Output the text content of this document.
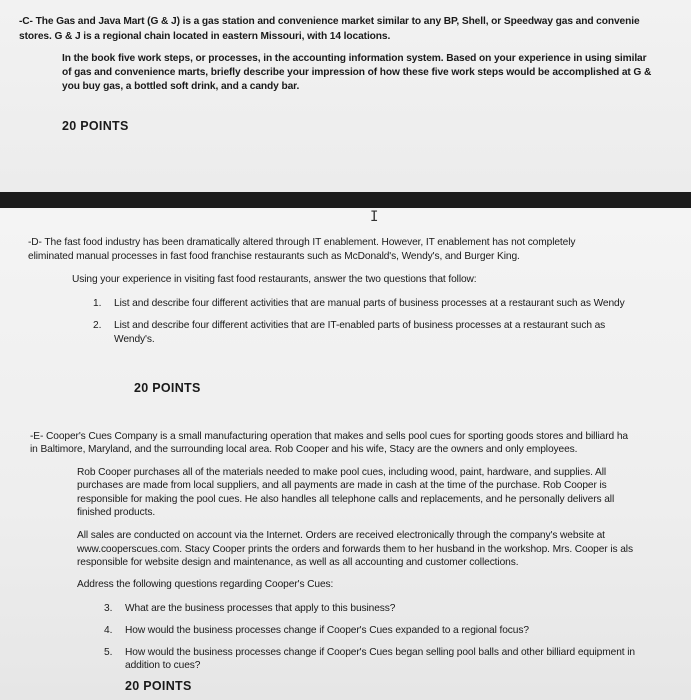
I
-C- The Gas and Java Mart (G & J) is a gas station and convenience market similar to any BP, Shell, or Speedway gas and convenie
stores. G & J is a regional chain located in eastern Missouri, with 14 locations.
In the book five work steps, or processes, in the accounting information system. Based on your experience in using similar
of gas and convenience marts, briefly describe your impression of how these five work steps would be accomplished at G &
you buy gas, a bottled soft drink, and a candy bar.
20 POINTS
-D- The fast food industry has been dramatically altered through IT enablement. However, IT enablement has not completely
eliminated manual processes in fast food franchise restaurants such as McDonald's, Wendy's, and Burger King.
Using your experience in visiting fast food restaurants, answer the two questions that follow:
1. List and describe four different activities that are manual parts of business processes at a restaurant such as Wendy
2. List and describe four different activities that are IT-enabled parts of business processes at a restaurant such as
Wendy's.
20 POINTS
-E- Cooper's Cues Company is a small manufacturing operation that makes and sells pool cues for sporting goods stores and billiard ha
in Baltimore, Maryland, and the surrounding local area. Rob Cooper and his wife, Stacy are the owners and only employees.
Rob Cooper purchases all of the materials needed to make pool cues, including wood, paint, hardware, and supplies. All
purchases are made from local suppliers, and all payments are made in cash at the time of the purchase. Rob Cooper is
responsible for making the pool cues. He also handles all telephone calls and replacements, and he personally delivers all
finished products.
All sales are conducted on account via the Internet. Orders are received electronically through the company's website at
www.cooperscues.com. Stacy Cooper prints the orders and forwards them to her husband in the workshop. Mrs. Cooper is als
responsible for website design and maintenance, as well as all accounting and customer collections.
Address the following questions regarding Cooper's Cues:
3. What are the business processes that apply to this business?
4. How would the business processes change if Cooper's Cues expanded to a regional focus?
5. How would the business processes change if Cooper's Cues began selling pool balls and other billiard equipment in
addition to cues?
20 POINTS
